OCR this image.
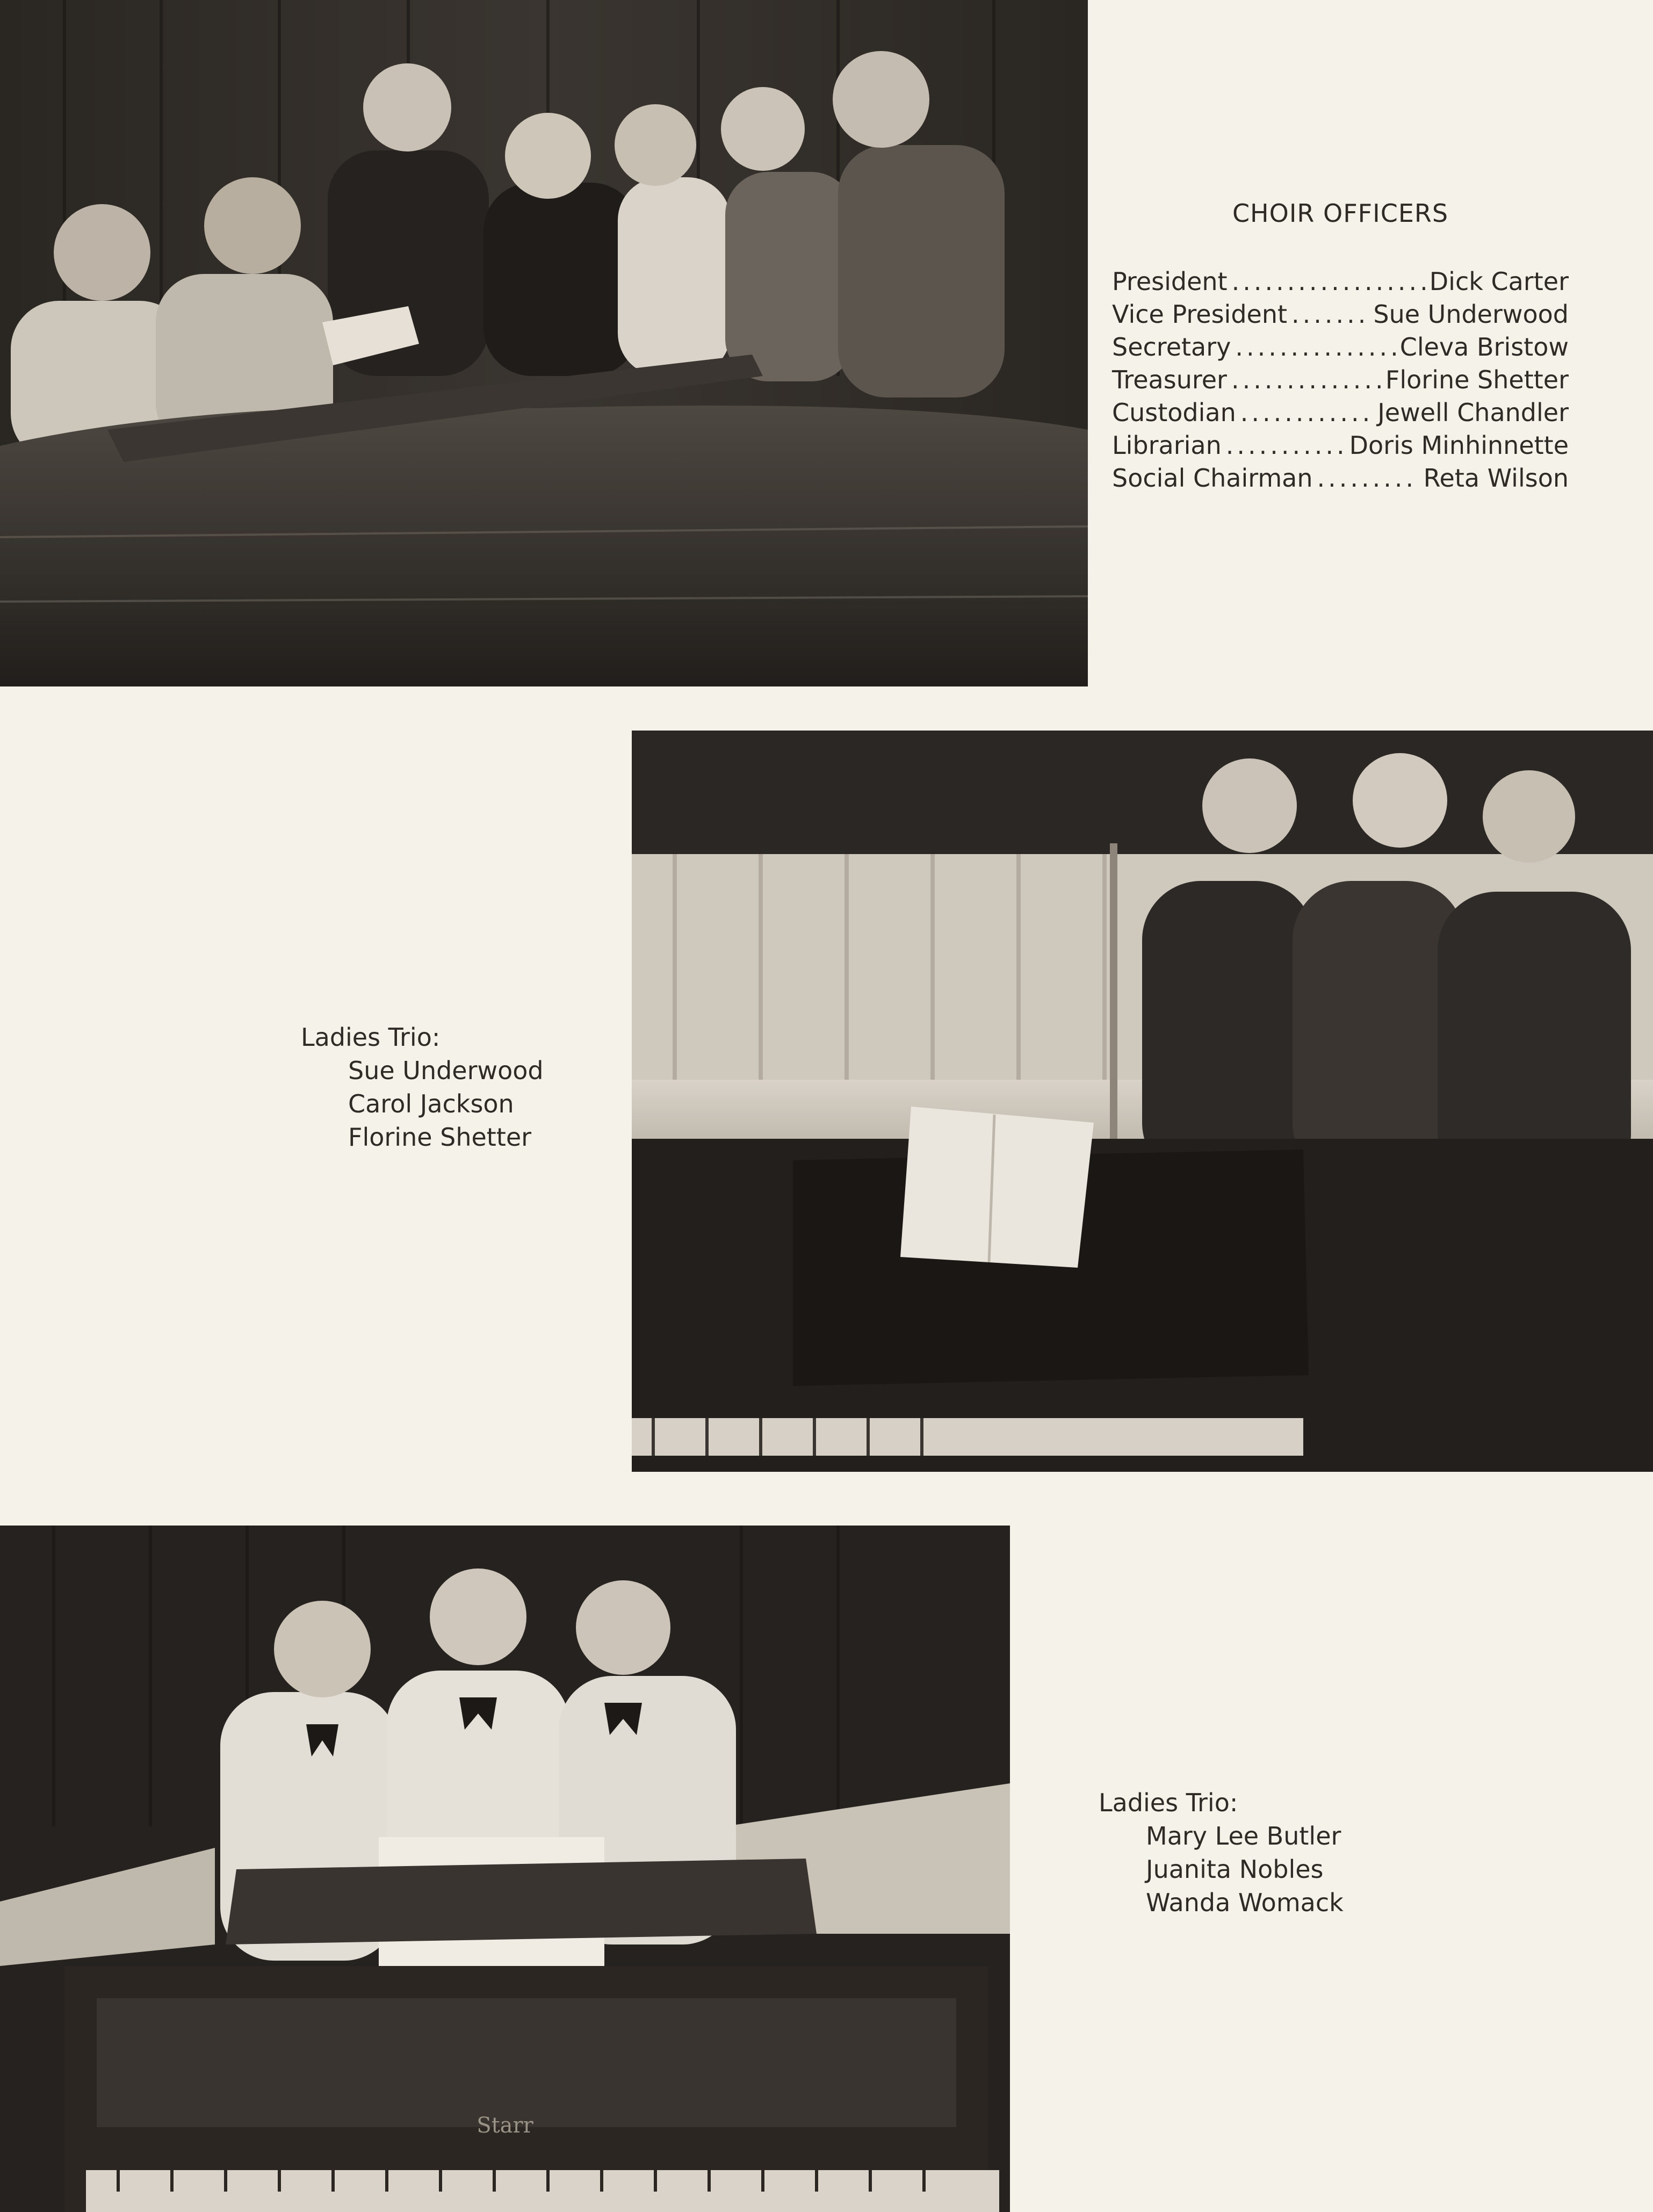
CHOIR OFFICERS
President .....	Dick Carter
Vice President .....	Sue Underwood
Secretary .....	Cleva Bristow
Treasurer .....	Florine Shetter
Custodian .....	Jewell Chandler
Librarian .....	Doris Minhinnette
Social Chairman .....	Reta Wilson

Ladies Trio:

Sue Underwood
Carol Jackson
Florine Shetter
Starr

Ladies Trio:

Mary Lee Butler
Juanita Nobles
Wanda Womack
